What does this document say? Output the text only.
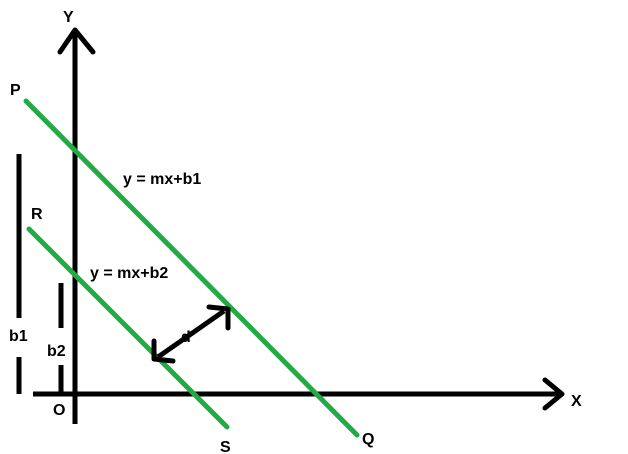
Y
X
O
P
Q
R
S
y = mx+b1
y = mx+b2
b1
b2
d
